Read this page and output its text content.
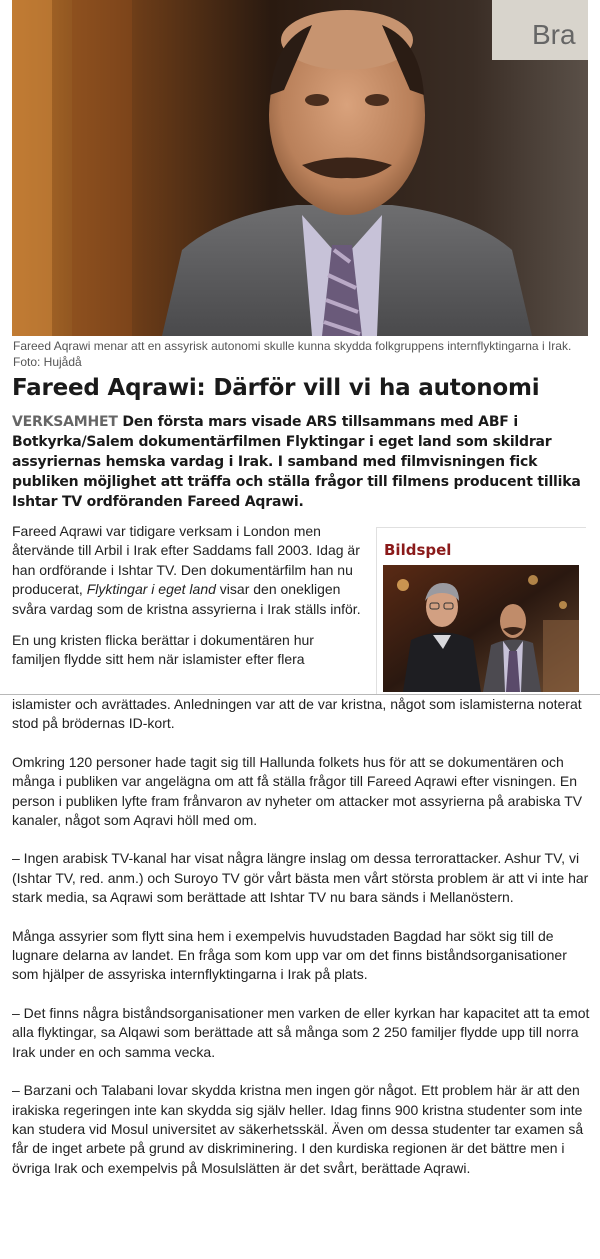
Bra
Fareed Aqrawi menar att en assyrisk autonomi skulle kunna skydda folkgruppens internflyktingarna i Irak. Foto: Hujådå
Fareed Aqrawi: Därför vill vi ha autonomi

VERKSAMHET Den första mars visade ARS tillsammans med ABF i Botkyrka/Salem dokumentärfilmen Flyktingar i eget land som skildrar assyriernas hemska vardag i Irak. I samband med filmvisningen fick publiken möjlighet att träffa och ställa frågor till filmens producent tillika Ishtar TV ordföranden Fareed Aqrawi.

Fareed Aqrawi var tidigare verksam i London men återvände till Arbil i Irak efter Saddams fall 2003. Idag är han ordförande i Ishtar TV. Den dokumentärfilm han nu producerat, Flyktingar i eget land visar den onekligen svåra vardag som de kristna assyrierna i Irak ställs inför.

En ung kristen flicka berättar i dokumentären hur familjen flydde sitt hem när islamister efter flera

Bildspel

islamister och avrättades. Anledningen var att de var kristna, något som islamisterna noterat stod på brödernas ID-kort.

Omkring 120 personer hade tagit sig till Hallunda folkets hus för att se dokumentären och många i publiken var angelägna om att få ställa frågor till Fareed Aqrawi efter visningen. En person i publiken lyfte fram frånvaron av nyheter om attacker mot assyrierna på arabiska TV kanaler, något som Aqravi höll med om.

– Ingen arabisk TV-kanal har visat några längre inslag om dessa terrorattacker. Ashur TV, vi (Ishtar TV, red. anm.) och Suroyo TV gör vårt bästa men vårt största problem är att vi inte har stark media, sa Aqrawi som berättade att Ishtar TV nu bara sänds i Mellanöstern.

Många assyrier som flytt sina hem i exempelvis huvudstaden Bagdad har sökt sig till de lugnare delarna av landet. En fråga som kom upp var om det finns biståndsorganisationer som hjälper de assyriska internflyktingarna i Irak på plats.

– Det finns några biståndsorganisationer men varken de eller kyrkan har kapacitet att ta emot alla flyktingar, sa Alqawi som berättade att så många som 2 250 familjer flydde upp till norra Irak under en och samma vecka.

– Barzani och Talabani lovar skydda kristna men ingen gör något. Ett problem här är att den irakiska regeringen inte kan skydda sig själv heller. Idag finns 900 kristna studenter som inte kan studera vid Mosul universitet av säkerhetsskäl. Även om dessa studenter tar examen så får de inget arbete på grund av diskriminering. I den kurdiska regionen är det bättre men i övriga Irak och exempelvis på Mosulslätten är det svårt, berättade Aqrawi.
